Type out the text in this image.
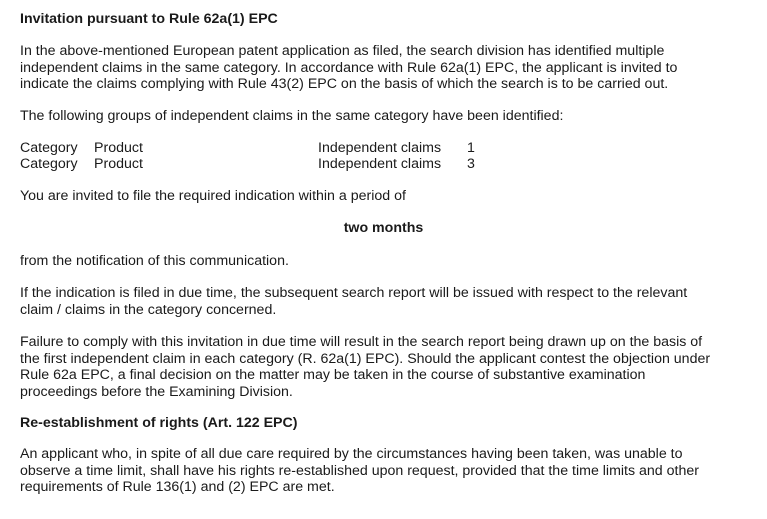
Invitation pursuant to Rule 62a(1) EPC
In the above-mentioned European patent application as filed, the search division has identified multiple
independent claims in the same category. In accordance with Rule 62a(1) EPC, the applicant is invited to
indicate the claims complying with Rule 43(2) EPC on the basis of which the search is to be carried out.
The following groups of independent claims in the same category have been identified:
Category Product	Independent claims 1
Category Product	Independent claims 3
You are invited to file the required indication within a period of
two months
from the notification of this communication.
If the indication is filed in due time, the subsequent search report will be issued with respect to the relevant
claim / claims in the category concerned.
Failure to comply with this invitation in due time will result in the search report being drawn up on the basis of
the first independent claim in each category (R. 62a(1) EPC). Should the applicant contest the objection under
Rule 62a EPC, a final decision on the matter may be taken in the course of substantive examination
proceedings before the Examining Division.
Re-establishment of rights (Art. 122 EPC)
An applicant who, in spite of all due care required by the circumstances having been taken, was unable to
observe a time limit, shall have his rights re-established upon request, provided that the time limits and other
requirements of Rule 136(1) and (2) EPC are met.
